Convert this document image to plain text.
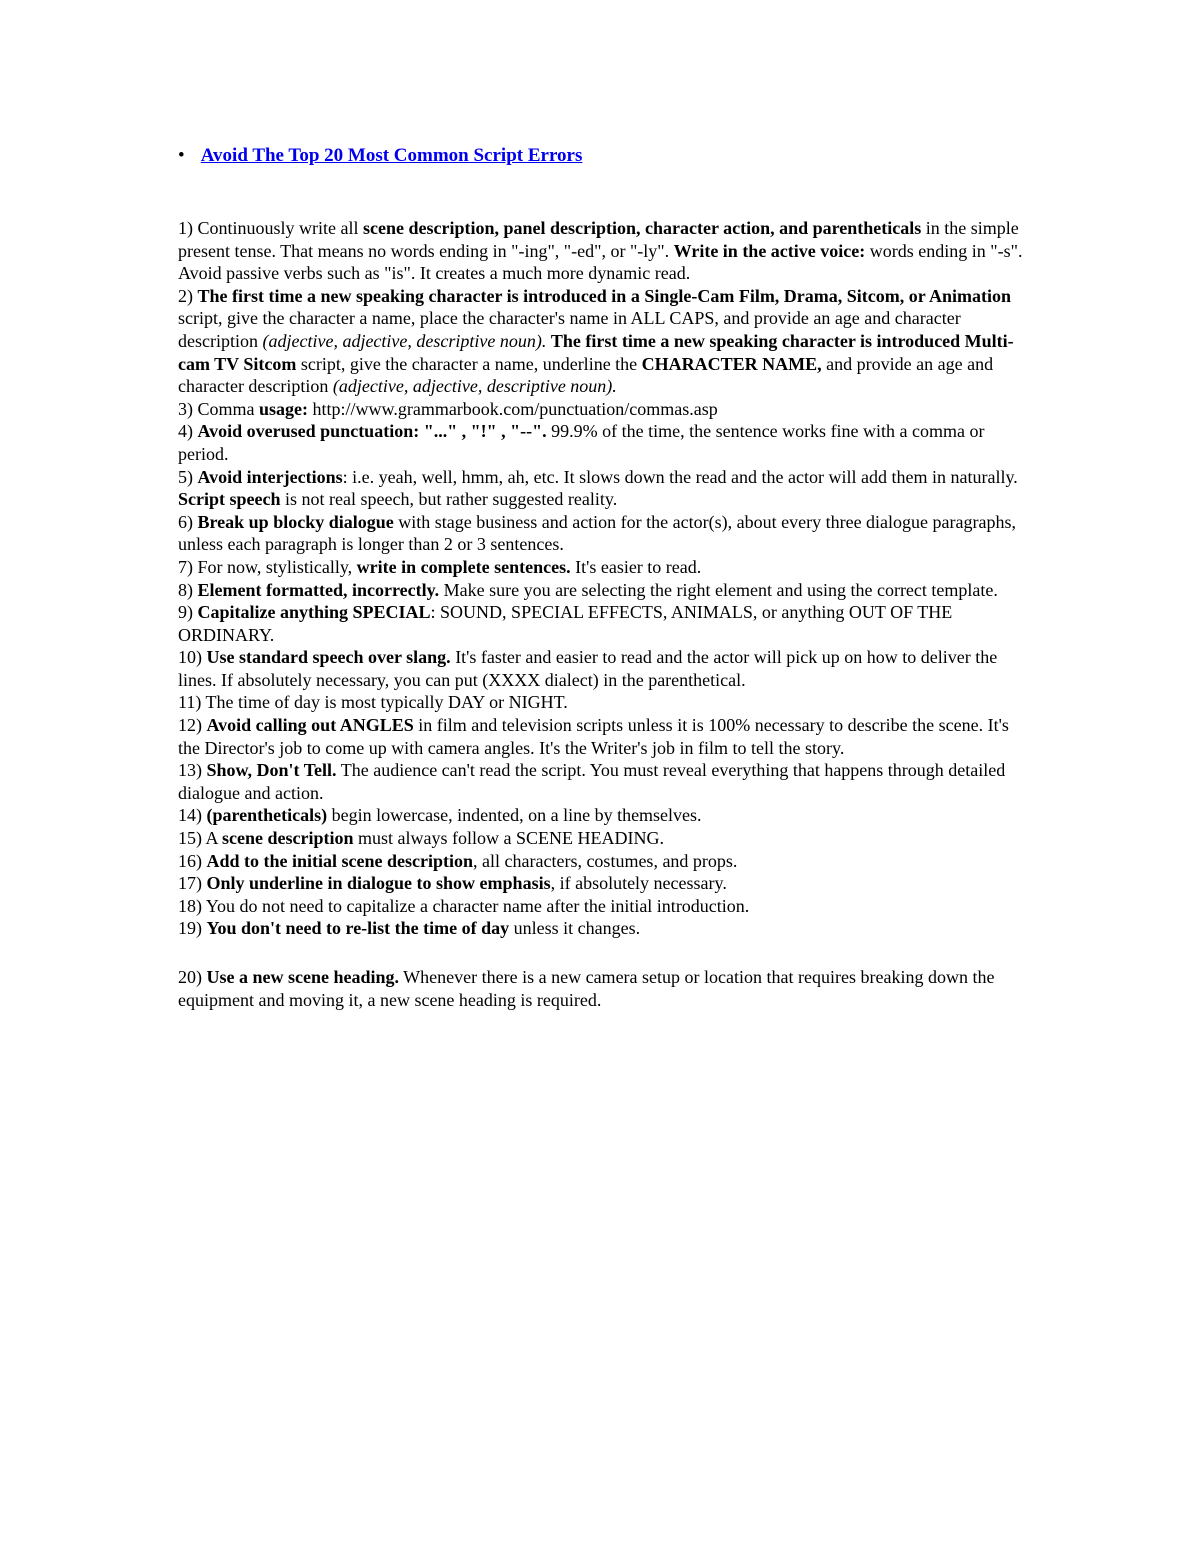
• Avoid The Top 20 Most Common Script Errors

1) Continuously write all scene description, panel description, character action, and parentheticals in the simple present tense. That means no words ending in "-ing", "-ed", or "-ly". Write in the active voice: words ending in "-s". Avoid passive verbs such as "is". It creates a much more dynamic read.

2) The first time a new speaking character is introduced in a Single-Cam Film, Drama, Sitcom, or Animation script, give the character a name, place the character's name in ALL CAPS, and provide an age and character description (adjective, adjective, descriptive noun). The first time a new speaking character is introduced Multi-cam TV Sitcom script, give the character a name, underline the CHARACTER NAME, and provide an age and character description (adjective, adjective, descriptive noun).

3) Comma usage: http://www.grammarbook.com/punctuation/commas.asp

4) Avoid overused punctuation: "..." , "!" , "--". 99.9% of the time, the sentence works fine with a comma or period.

5) Avoid interjections: i.e. yeah, well, hmm, ah, etc. It slows down the read and the actor will add them in naturally. Script speech is not real speech, but rather suggested reality.

6) Break up blocky dialogue with stage business and action for the actor(s), about every three dialogue paragraphs, unless each paragraph is longer than 2 or 3 sentences.

7) For now, stylistically, write in complete sentences. It's easier to read.

8) Element formatted, incorrectly. Make sure you are selecting the right element and using the correct template.

9) Capitalize anything SPECIAL: SOUND, SPECIAL EFFECTS, ANIMALS, or anything OUT OF THE ORDINARY.

10) Use standard speech over slang. It's faster and easier to read and the actor will pick up on how to deliver the lines. If absolutely necessary, you can put (XXXX dialect) in the parenthetical.

11) The time of day is most typically DAY or NIGHT.

12) Avoid calling out ANGLES in film and television scripts unless it is 100% necessary to describe the scene. It's the Director's job to come up with camera angles. It's the Writer's job in film to tell the story.

13) Show, Don't Tell. The audience can't read the script. You must reveal everything that happens through detailed dialogue and action.

14) (parentheticals) begin lowercase, indented, on a line by themselves.

15) A scene description must always follow a SCENE HEADING.

16) Add to the initial scene description, all characters, costumes, and props.

17) Only underline in dialogue to show emphasis, if absolutely necessary.

18) You do not need to capitalize a character name after the initial introduction.

19) You don't need to re-list the time of day unless it changes.

20) Use a new scene heading. Whenever there is a new camera setup or location that requires breaking down the equipment and moving it, a new scene heading is required.
